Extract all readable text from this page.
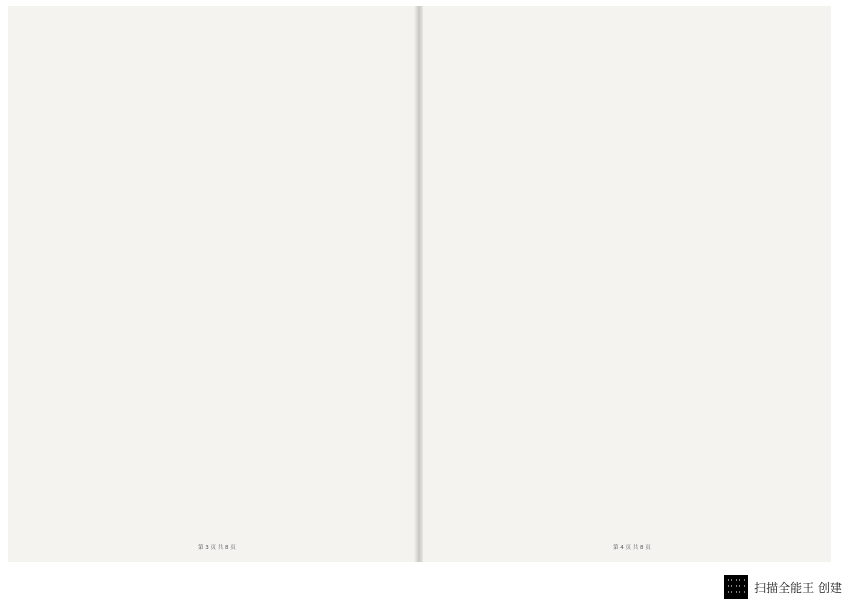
第 3 页 共 8 页	第 4 页 共 8 页
扫描全能王 创建
